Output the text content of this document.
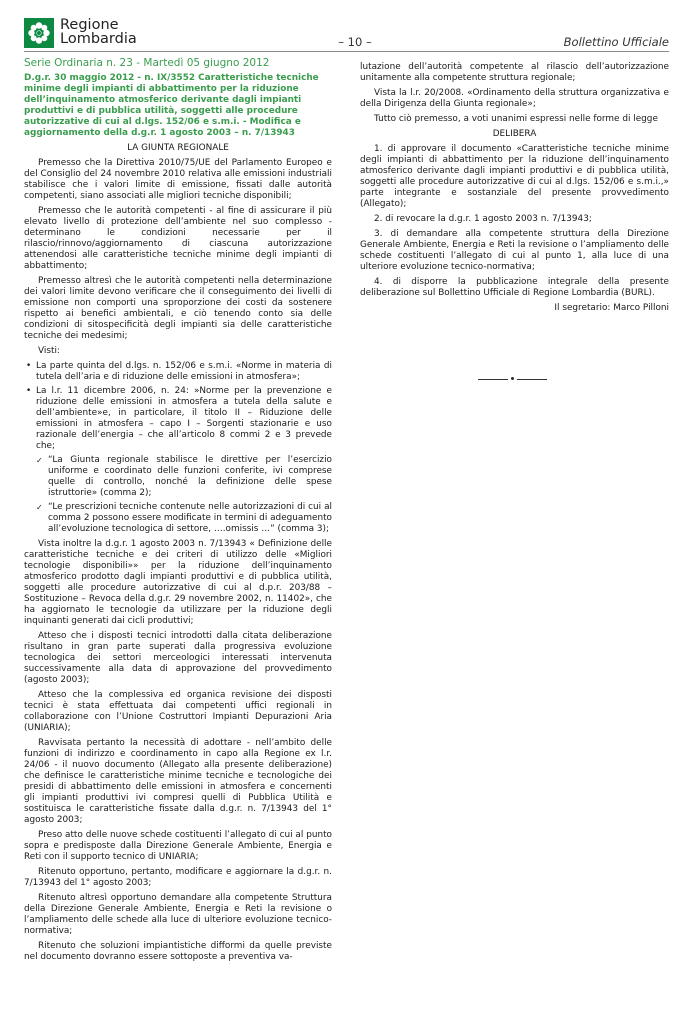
Regione
Lombardia	– 10 –	Bollettino Ufficiale
Serie Ordinaria n. 23 - Martedì 05 giugno 2012

D.g.r. 30 maggio 2012 - n. IX/3552 Caratteristiche tecniche minime degli impianti di abbattimento per la riduzione dell’inquinamento atmosferico derivante dagli impianti produttivi e di pubblica utilità, soggetti alle procedure autorizzative di cui al d.lgs. 152/06 e s.m.i. - Modifica e aggiornamento della d.g.r. 1 agosto 2003 – n. 7/13943

LA GIUNTA REGIONALE

Premesso che la Direttiva 2010/75/UE del Parlamento Europeo e del Consiglio del 24 novembre 2010 relativa alle emissioni industriali stabilisce che i valori limite di emissione, fissati dalle autorità competenti, siano associati alle migliori tecniche disponibili;

Premesso che le autorità competenti - al fine di assicurare il più elevato livello di protezione dell’ambiente nel suo complesso - determinano le condizioni necessarie per il rilascio/rinnovo/aggiornamento di ciascuna autorizzazione attenendosi alle caratteristiche tecniche minime degli impianti di abbattimento;

Premesso altresì che le autorità competenti nella determinazione dei valori limite devono verificare che il conseguimento dei livelli di emissione non comporti una sproporzione dei costi da sostenere rispetto ai benefici ambientali, e ciò tenendo conto sia delle condizioni di sitospecificità degli impianti sia delle caratteristiche tecniche dei medesimi;

Visti:

• La parte quinta del d.lgs. n. 152/06 e s.m.i. «Norme in materia di tutela dell’aria e di riduzione delle emissioni in atmosfera»;
• La l.r. 11 dicembre 2006, n. 24: »Norme per la prevenzione e riduzione delle emissioni in atmosfera a tutela della salute e dell’ambiente»e, in particolare, il titolo II – Riduzione delle emissioni in atmosfera – capo I – Sorgenti stazionarie e uso razionale dell’energia – che all’articolo 8 commi 2 e 3 prevede che;
✓ “La Giunta regionale stabilisce le direttive per l’esercizio uniforme e coordinato delle funzioni conferite, ivi comprese quelle di controllo, nonché la definizione delle spese istruttorie» (comma 2);
✓ “Le prescrizioni tecniche contenute nelle autorizzazioni di cui al comma 2 possono essere modificate in termini di adeguamento all’evoluzione tecnologica di settore, ….omissis …” (comma 3);

Vista inoltre la d.g.r. 1 agosto 2003 n. 7/13943 « Definizione delle caratteristiche tecniche e dei criteri di utilizzo delle «Migliori tecnologie disponibili»» per la riduzione dell’inquinamento atmosferico prodotto dagli impianti produttivi e di pubblica utilità, soggetti alle procedure autorizzative di cui al d.p.r. 203/88 – Sostituzione – Revoca della d.g.r. 29 novembre 2002, n. 11402», che ha aggiornato le tecnologie da utilizzare per la riduzione degli inquinanti generati dai cicli produttivi;

Atteso che i disposti tecnici introdotti dalla citata deliberazione risultano in gran parte superati dalla progressiva evoluzione tecnologica dei settori merceologici interessati intervenuta successivamente alla data di approvazione del provvedimento (agosto 2003);

Atteso che la complessiva ed organica revisione dei disposti tecnici è stata effettuata dai competenti uffici regionali in collaborazione con l’Unione Costruttori Impianti Depurazioni Aria (UNIARIA);

Ravvisata pertanto la necessità di adottare - nell’ambito delle funzioni di indirizzo e coordinamento in capo alla Regione ex l.r. 24/06 - il nuovo documento (Allegato alla presente deliberazione) che definisce le caratteristiche minime tecniche e tecnologiche dei presidi di abbattimento delle emissioni in atmosfera e concernenti gli impianti produttivi ivi compresi quelli di Pubblica Utilità e sostituisca le caratteristiche fissate dalla d.g.r. n. 7/13943 del 1° agosto 2003;

Preso atto delle nuove schede costituenti l’allegato di cui al punto sopra e predisposte dalla Direzione Generale Ambiente, Energia e Reti con il supporto tecnico di UNIARIA;

Ritenuto opportuno, pertanto, modificare e aggiornare la d.g.r. n. 7/13943 del 1° agosto 2003;

Ritenuto altresì opportuno demandare alla competente Struttura della Direzione Generale Ambiente, Energia e Reti la revisione o l’ampliamento delle schede alla luce di ulteriore evoluzione tecnico-normativa;

Ritenuto che soluzioni impiantistiche difformi da quelle previste nel documento dovranno essere sottoposte a preventiva va-

lutazione dell’autorità competente al rilascio dell’autorizzazione unitamente alla competente struttura regionale;

Vista la l.r. 20/2008. «Ordinamento della struttura organizzativa e della Dirigenza della Giunta regionale»;

Tutto ciò premesso, a voti unanimi espressi nelle forme di legge

DELIBERA

1. di approvare il documento «Caratteristiche tecniche minime degli impianti di abbattimento per la riduzione dell’inquinamento atmosferico derivante dagli impianti produttivi e di pubblica utilità, soggetti alle procedure autorizzative di cui al d.lgs. 152/06 e s.m.i.,» parte integrante e sostanziale del presente provvedimento (Allegato);

2. di revocare la d.g.r. 1 agosto 2003 n. 7/13943;

3. di demandare alla competente struttura della Direzione Generale Ambiente, Energia e Reti la revisione o l’ampliamento delle schede costituenti l’allegato di cui al punto 1, alla luce di una ulteriore evoluzione tecnico-normativa;

4. di disporre la pubblicazione integrale della presente deliberazione sul Bollettino Ufficiale di Regione Lombardia (BURL).

Il segretario: Marco Pilloni
